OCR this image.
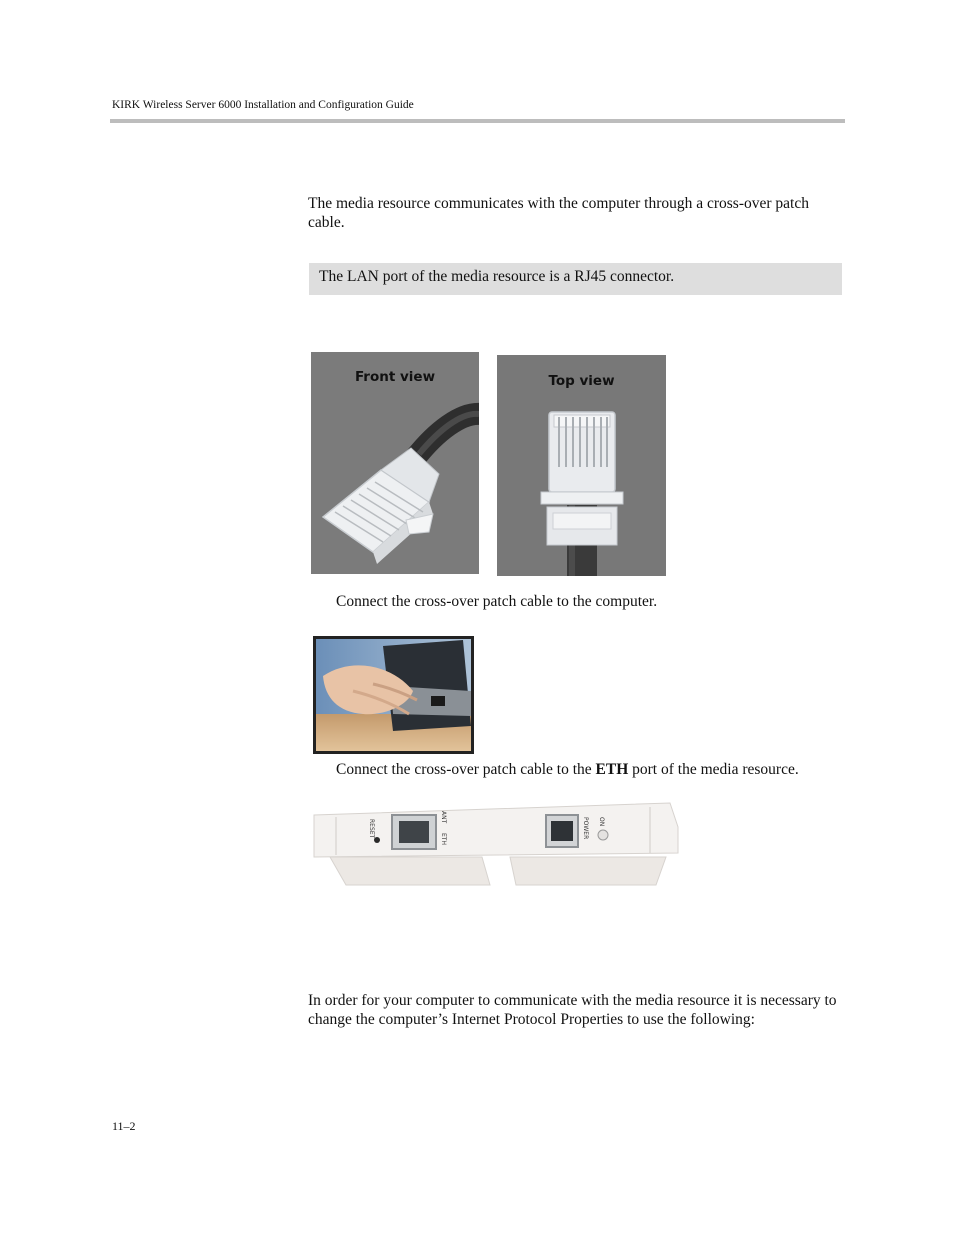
KIRK Wireless Server 6000 Installation and Configuration Guide
The media resource communicates with the computer through a cross-over patch cable.
The LAN port of the media resource is a RJ45 connector.
Front view	Top view
Connect the cross-over patch cable to the computer.
Connect the cross-over patch cable to the ETH port of the media resource.
RESET
ETH
ANT	POWER ON
In order for your computer to communicate with the media resource it is necessary to change the computer’s Internet Protocol Properties to use the following:
11–2
